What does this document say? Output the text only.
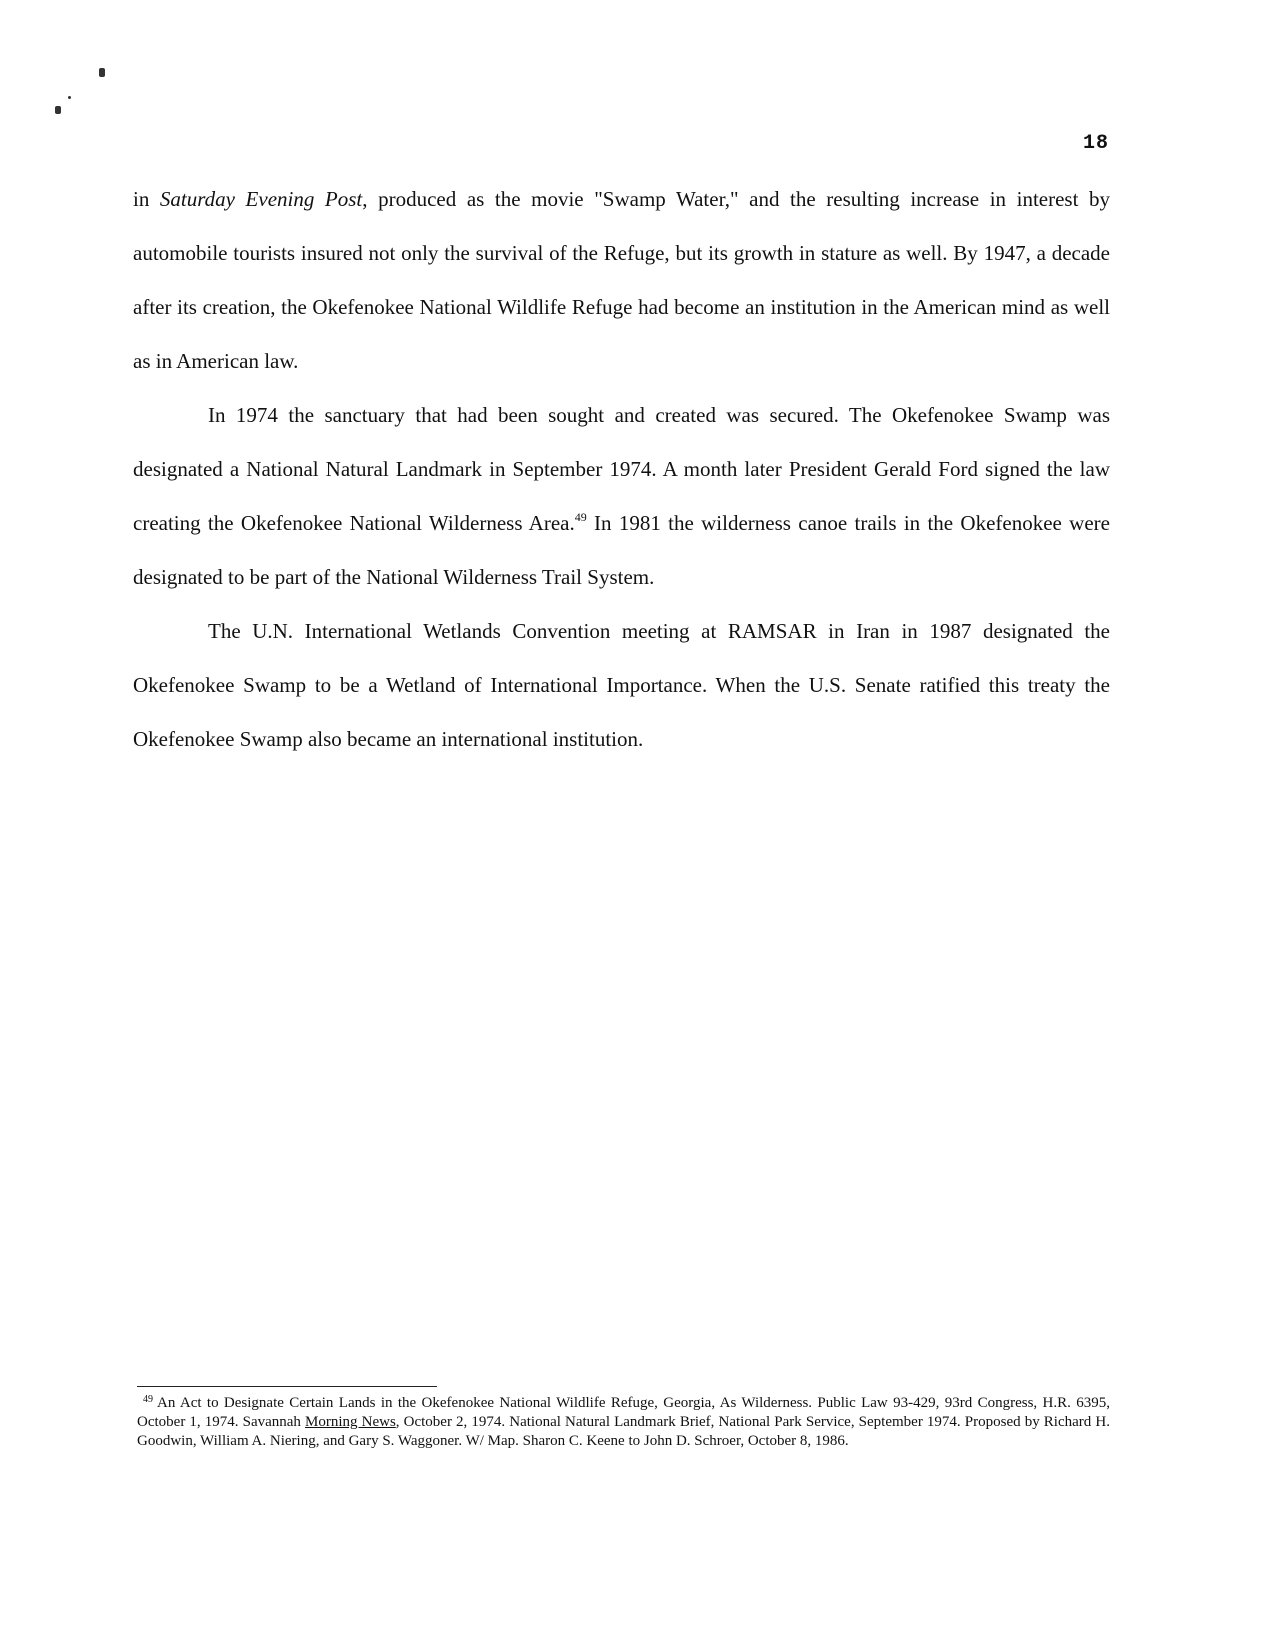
18

in Saturday Evening Post, produced as the movie "Swamp Water," and the resulting increase in interest by automobile tourists insured not only the survival of the Refuge, but its growth in stature as well. By 1947, a decade after its creation, the Okefenokee National Wildlife Refuge had become an institution in the American mind as well as in American law.

In 1974 the sanctuary that had been sought and created was secured. The Okefenokee Swamp was designated a National Natural Landmark in September 1974. A month later President Gerald Ford signed the law creating the Okefenokee National Wilderness Area.$^{49}$ In 1981 the wilderness canoe trails in the Okefenokee were designated to be part of the National Wilderness Trail System.

The U.N. International Wetlands Convention meeting at RAMSAR in Iran in 1987 designated the Okefenokee Swamp to be a Wetland of International Importance. When the U.S. Senate ratified this treaty the Okefenokee Swamp also became an international institution.

$^{49}$ An Act to Designate Certain Lands in the Okefenokee National Wildlife Refuge, Georgia, As Wilderness. Public Law 93-429, 93rd Congress, H.R. 6395, October 1, 1974. Savannah Morning News, October 2, 1974. National Natural Landmark Brief, National Park Service, September 1974. Proposed by Richard H. Goodwin, William A. Niering, and Gary S. Waggoner. W/ Map. Sharon C. Keene to John D. Schroer, October 8, 1986.
